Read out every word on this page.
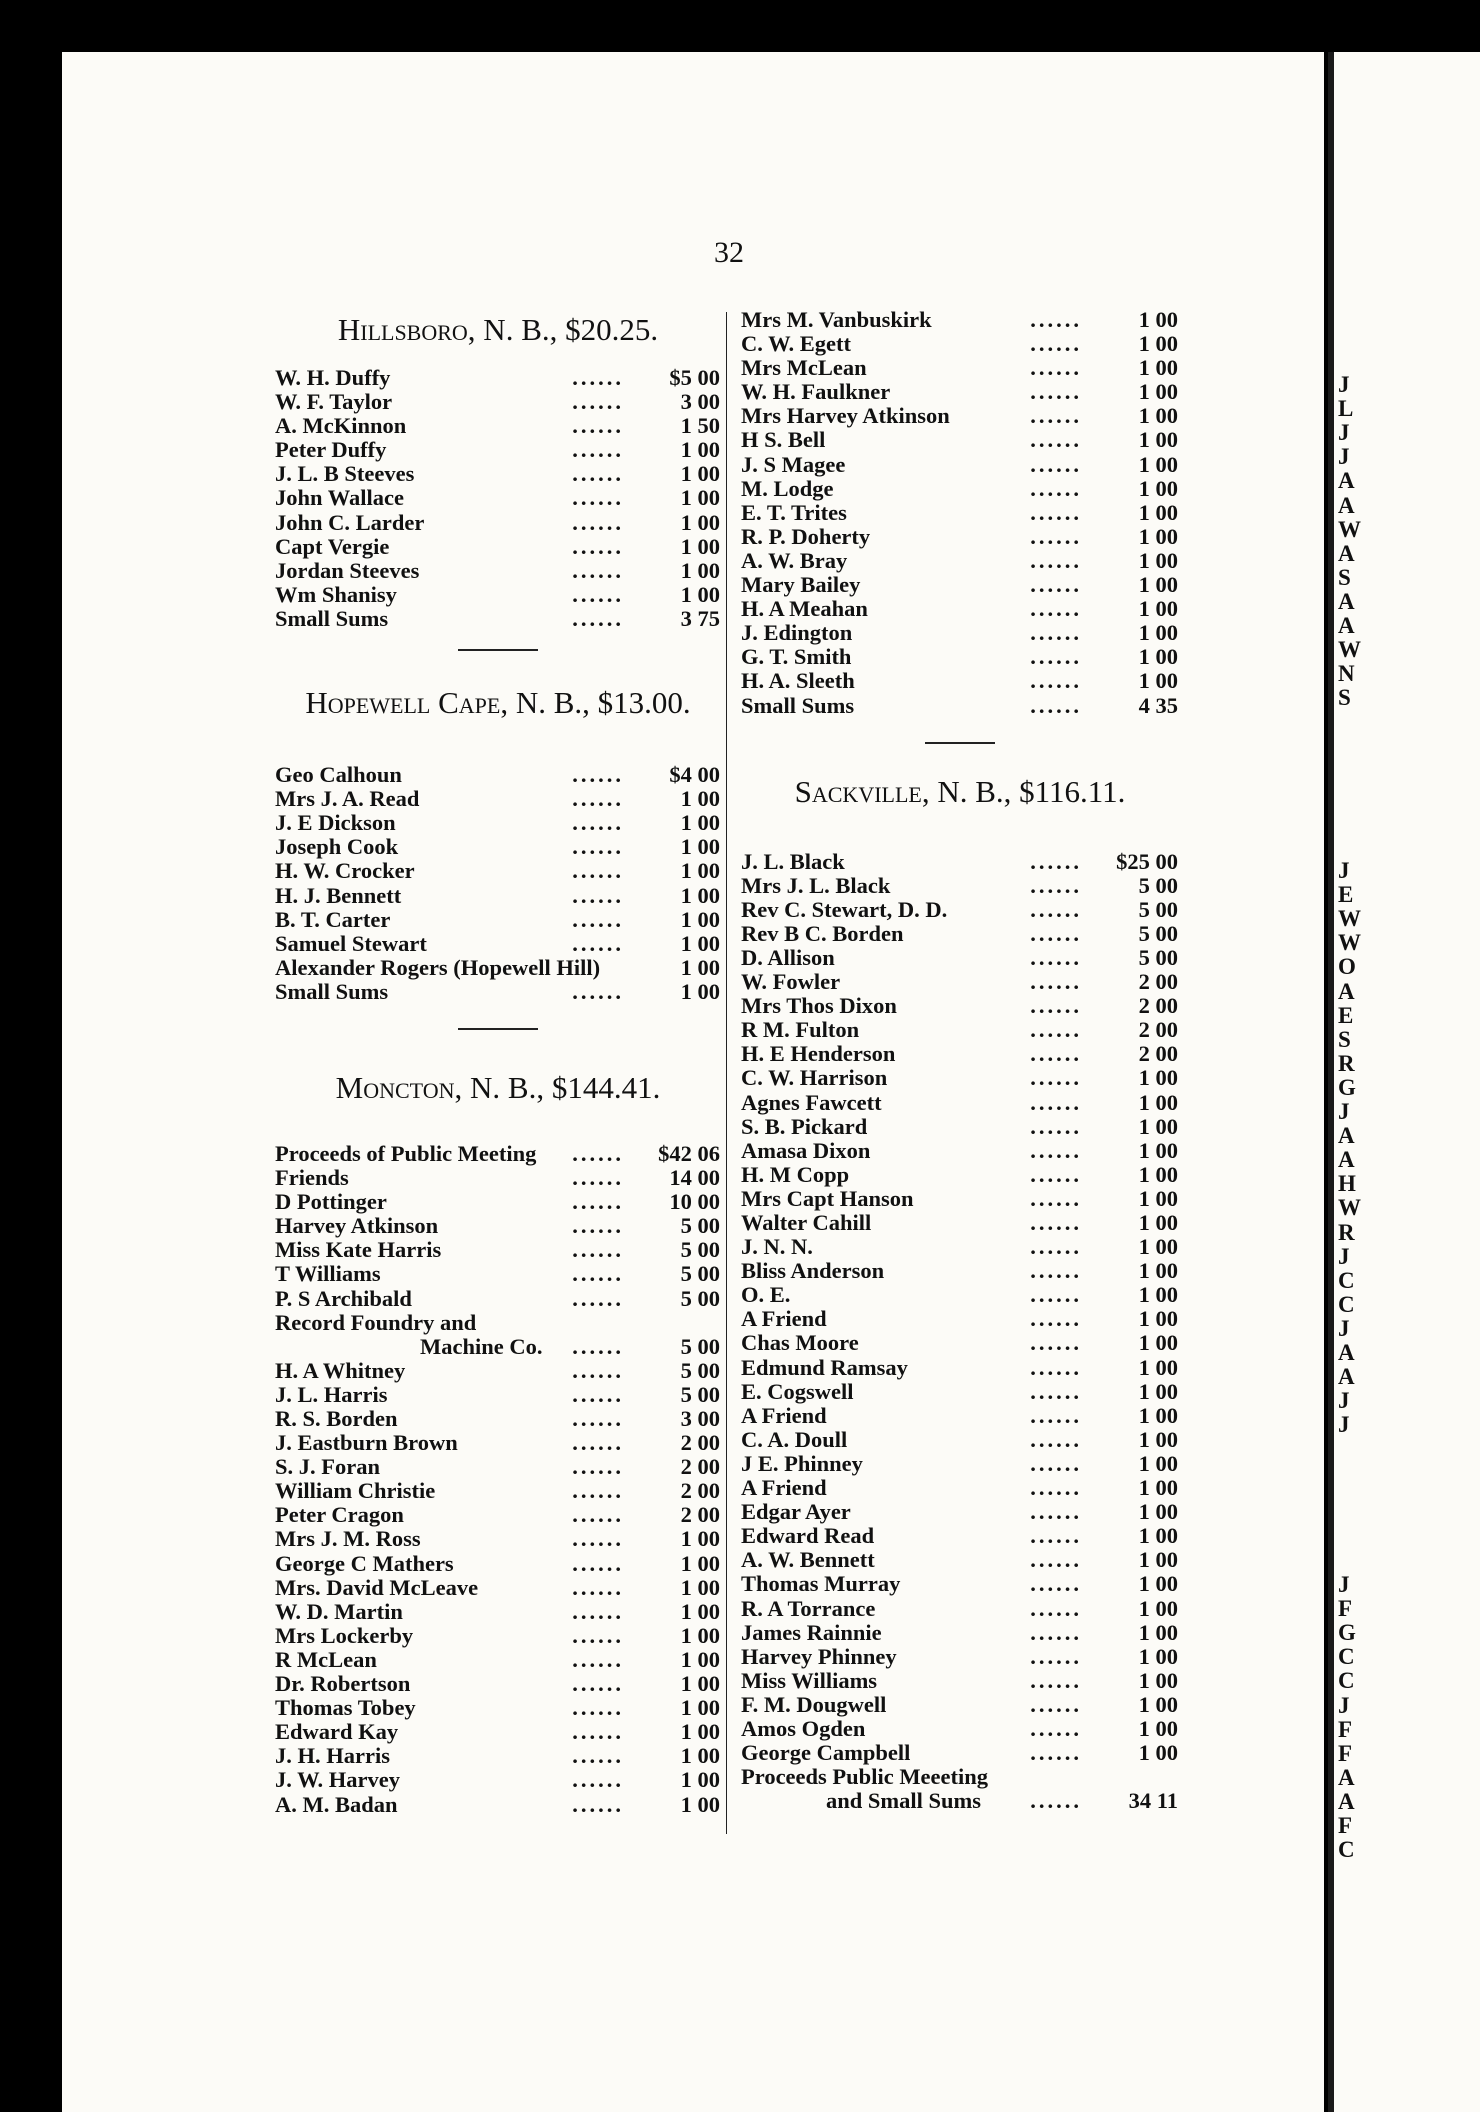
J
L
J
J
A
A
W
A
S
A
A
W
N
S
J
E
W
W
O
A
E
S
R
G
J
A
A
H
W
R
J
C
C
J
A
A
J
J
J
F
G
C
C
J
F
F
A
A
F
C
32
Hillsboro, N. B., $20.25.
W. H. Duffy	...... $5 00
W. F. Taylor	......	3 00
A. McKinnon	......	1 50
Peter Duffy	......	1 00
J. L. B Steeves	......	1 00
John Wallace	......	1 00
John C. Larder	......	1 00
Capt Vergie	......	1 00
Jordan Steeves	......	1 00
Wm Shanisy	......	1 00
Small Sums	......	3 75
Hopewell Cape, N. B., $13.00.
Geo Calhoun	...... $4 00
Mrs J. A. Read	......	1 00
J. E Dickson	......	1 00
Joseph Cook	......	1 00
H. W. Crocker	......	1 00
H. J. Bennett	......	1 00
B. T. Carter	......	1 00
Samuel Stewart	......	1 00
Alexander Rogers (Hopewell Hill)	1 00
Small Sums	......	1 00
Moncton, N. B., $144.41.
Proceeds of Public Meeting ...... $42 06
Friends	...... 14 00
D Pottinger	...... 10 00
Harvey Atkinson	......	5 00
Miss Kate Harris	......	5 00
T Williams	......	5 00
P. S Archibald	......	5 00
Record Foundry and
Machine Co. ......	5 00
H. A Whitney	......	5 00
J. L. Harris	......	5 00
R. S. Borden	......	3 00
J. Eastburn Brown	......	2 00
S. J. Foran	......	2 00
William Christie	......	2 00
Peter Cragon	......	2 00
Mrs J. M. Ross	......	1 00
George C Mathers	......	1 00
Mrs. David McLeave	......	1 00
W. D. Martin	......	1 00
Mrs Lockerby	......	1 00
R McLean	......	1 00
Dr. Robertson	......	1 00
Thomas Tobey	......	1 00
Edward Kay	......	1 00
J. H. Harris	......	1 00
J. W. Harvey	......	1 00
A. M. Badan	......	1 00
Mrs M. Vanbuskirk	......	1 00
C. W. Egett	......	1 00
Mrs McLean	......	1 00
W. H. Faulkner	......	1 00
Mrs Harvey Atkinson	......	1 00
H S. Bell	......	1 00
J. S Magee	......	1 00
M. Lodge	......	1 00
E. T. Trites	......	1 00
R. P. Doherty	......	1 00
A. W. Bray	......	1 00
Mary Bailey	......	1 00
H. A Meahan	......	1 00
J. Edington	......	1 00
G. T. Smith	......	1 00
H. A. Sleeth	......	1 00
Small Sums	......	4 35
Sackville, N. B., $116.11.
J. L. Black	...... $25 00
Mrs J. L. Black	......	5 00
Rev C. Stewart, D. D.	......	5 00
Rev B C. Borden	......	5 00
D. Allison	......	5 00
W. Fowler	......	2 00
Mrs Thos Dixon	......	2 00
R M. Fulton	......	2 00
H. E Henderson	......	2 00
C. W. Harrison	......	1 00
Agnes Fawcett	......	1 00
S. B. Pickard	......	1 00
Amasa Dixon	......	1 00
H. M Copp	......	1 00
Mrs Capt Hanson	......	1 00
Walter Cahill	......	1 00
J. N. N.	......	1 00
Bliss Anderson	......	1 00
O. E.	......	1 00
A Friend	......	1 00
Chas Moore	......	1 00
Edmund Ramsay	......	1 00
E. Cogswell	......	1 00
A Friend	......	1 00
C. A. Doull	......	1 00
J E. Phinney	......	1 00
A Friend	......	1 00
Edgar Ayer	......	1 00
Edward Read	......	1 00
A. W. Bennett	......	1 00
Thomas Murray	......	1 00
R. A Torrance	......	1 00
James Rainnie	......	1 00
Harvey Phinney	......	1 00
Miss Williams	......	1 00
F. M. Dougwell	......	1 00
Amos Ogden	......	1 00
George Campbell	......	1 00
Proceeds Public Meeeting
and Small Sums ...... 34 11
